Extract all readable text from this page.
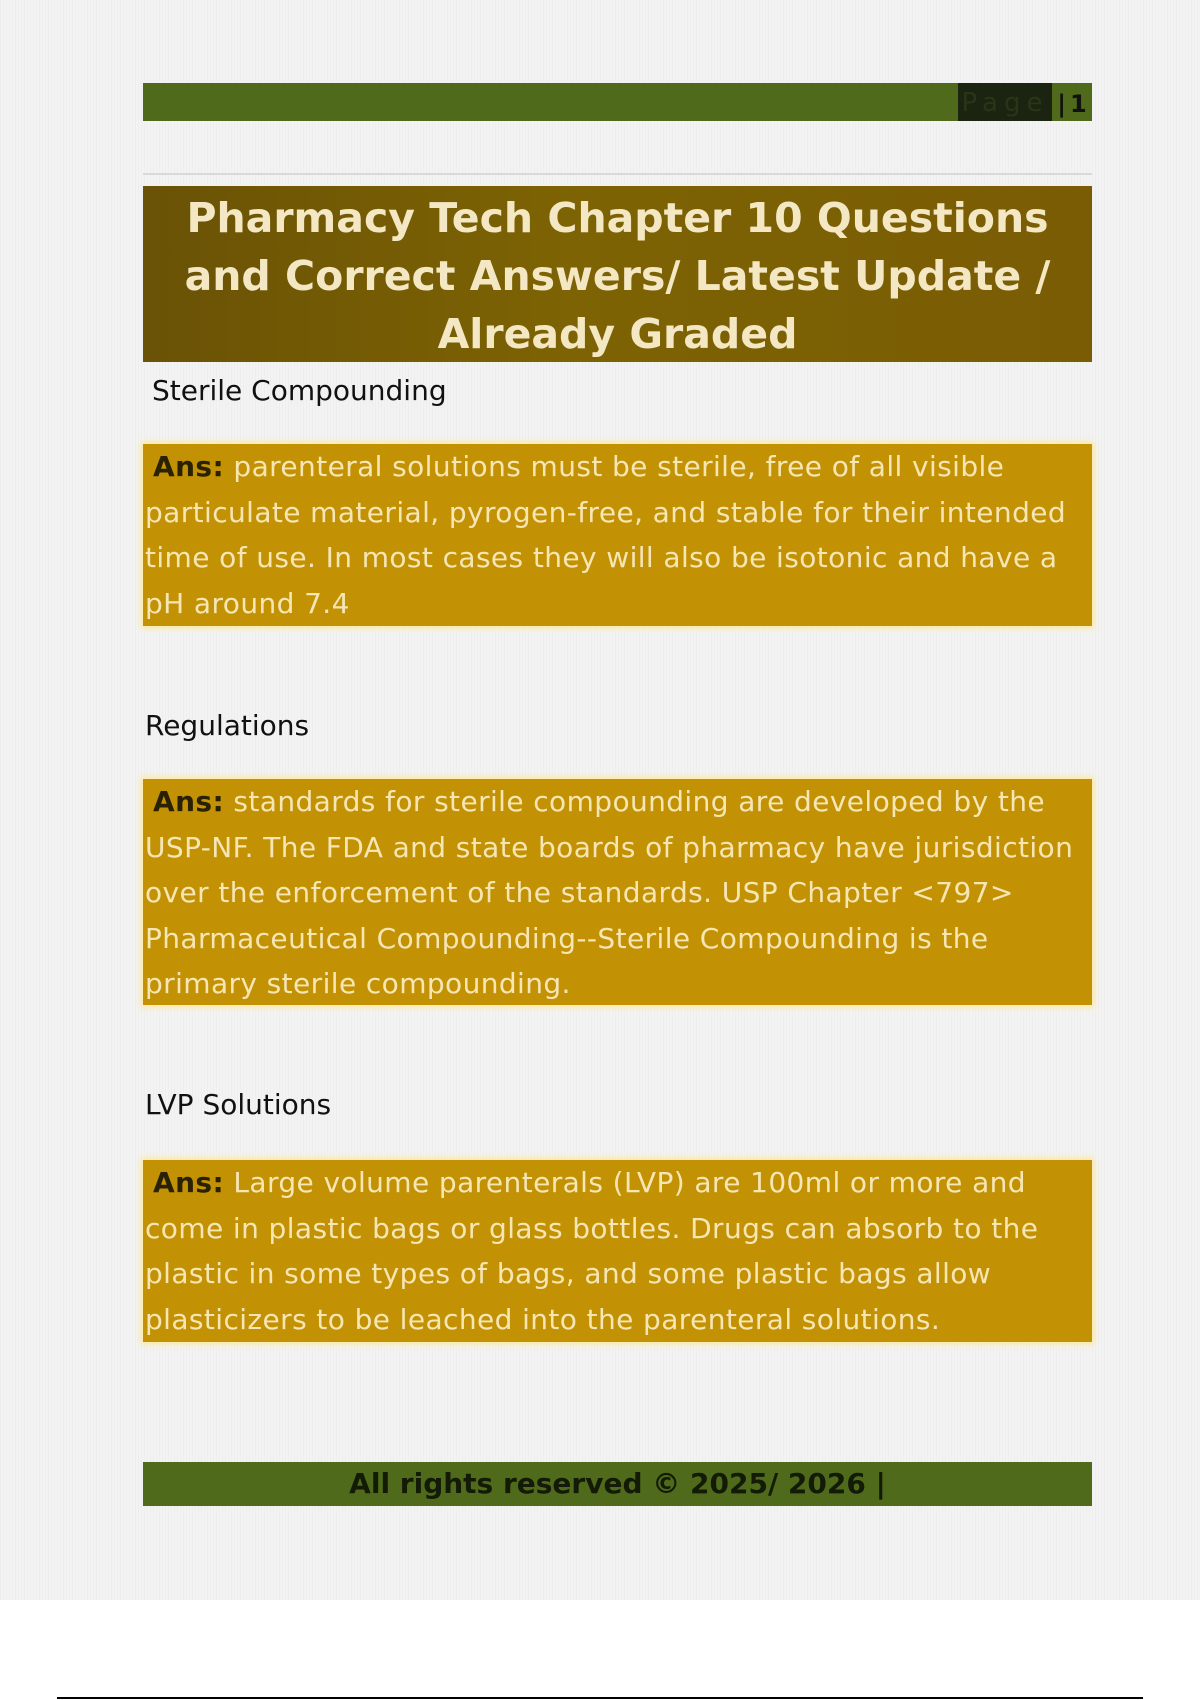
Page | 1
Pharmacy Tech Chapter 10 Questions and Correct Answers/ Latest Update / Already Graded
Sterile Compounding
Ans: parenteral solutions must be sterile, free of all visible particulate material, pyrogen-free, and stable for their intended time of use. In most cases they will also be isotonic and have a pH around 7.4
Regulations
Ans: standards for sterile compounding are developed by the USP-NF. The FDA and state boards of pharmacy have jurisdiction over the enforcement of the standards. USP Chapter <797> Pharmaceutical Compounding--Sterile Compounding is the primary sterile compounding.
LVP Solutions
Ans: Large volume parenterals (LVP) are 100ml or more and come in plastic bags or glass bottles. Drugs can absorb to the plastic in some types of bags, and some plastic bags allow plasticizers to be leached into the parenteral solutions.
All rights reserved © 2025/ 2026 |
